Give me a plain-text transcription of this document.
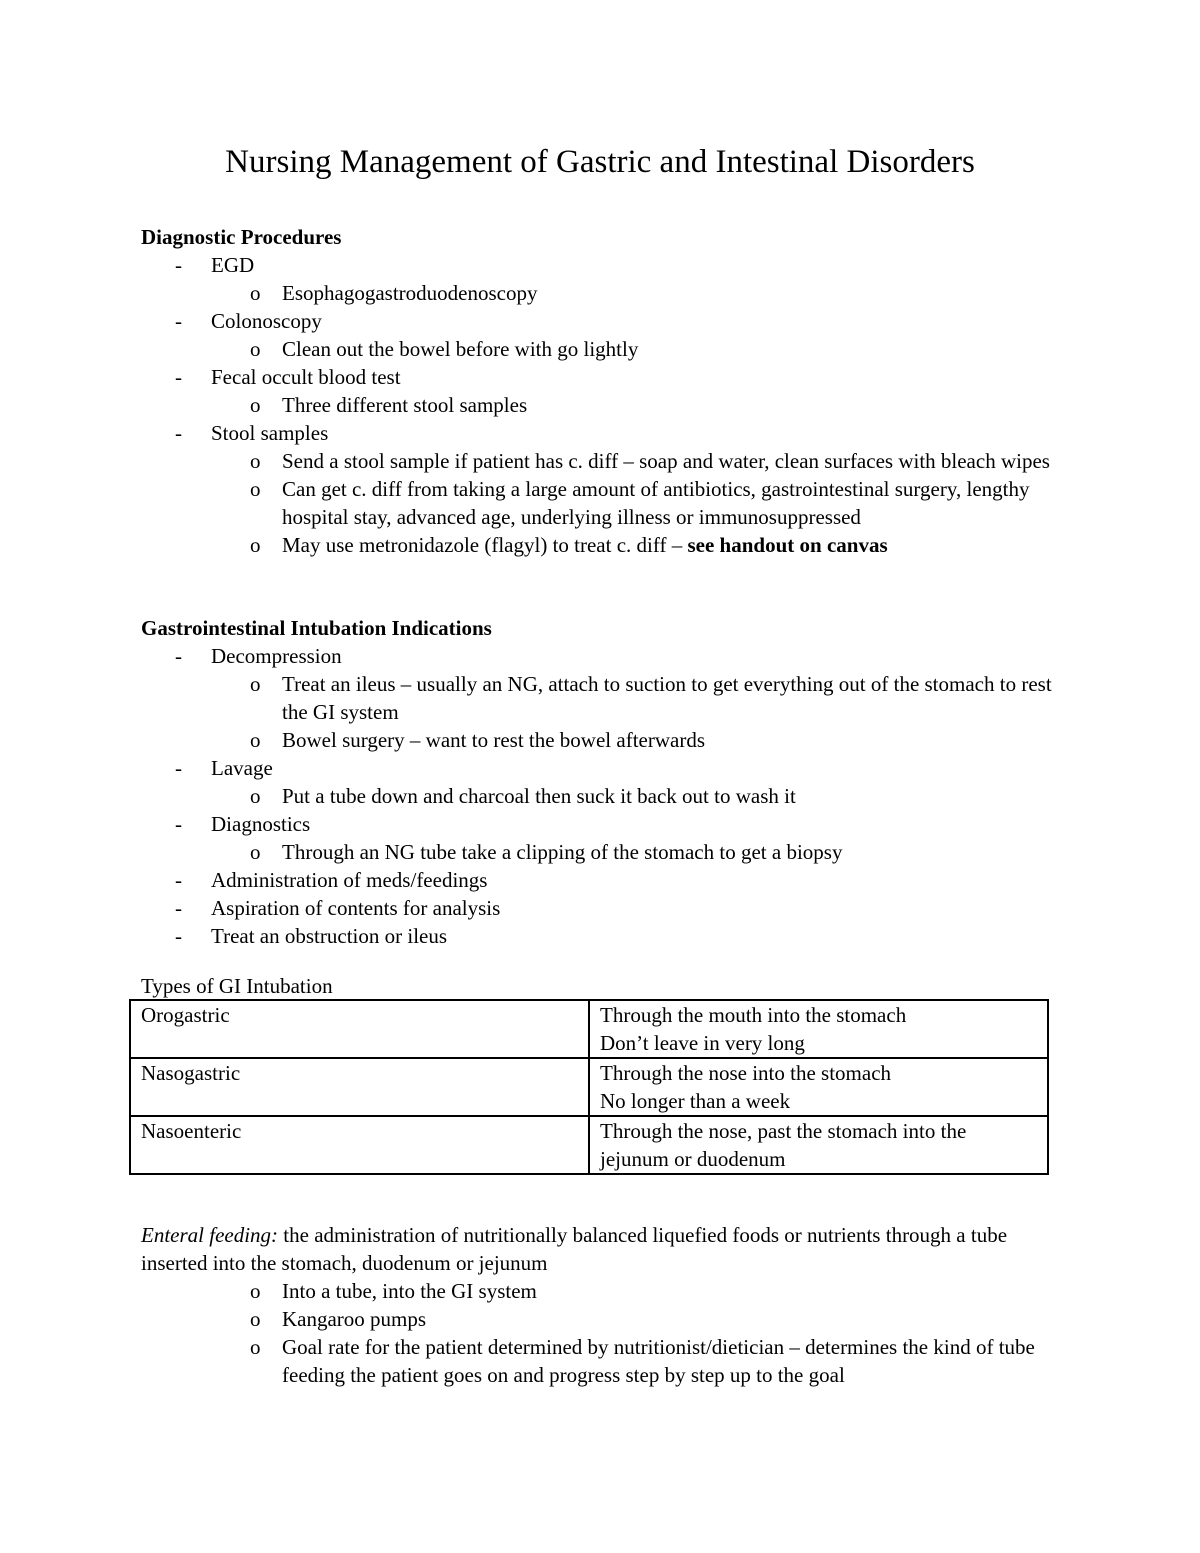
Nursing Management of Gastric and Intestinal Disorders
Diagnostic Procedures
- EGD
o Esophagogastroduodenoscopy
- Colonoscopy
o Clean out the bowel before with go lightly
- Fecal occult blood test
o Three different stool samples
- Stool samples
o Send a stool sample if patient has c. diff – soap and water, clean surfaces with bleach wipes
o Can get c. diff from taking a large amount of antibiotics, gastrointestinal surgery, lengthy hospital stay, advanced age, underlying illness or immunosuppressed
o May use metronidazole (flagyl) to treat c. diff – see handout on canvas
Gastrointestinal Intubation Indications
- Decompression
o Treat an ileus – usually an NG, attach to suction to get everything out of the stomach to rest the GI system
o Bowel surgery – want to rest the bowel afterwards
- Lavage
o Put a tube down and charcoal then suck it back out to wash it
- Diagnostics
o Through an NG tube take a clipping of the stomach to get a biopsy
- Administration of meds/feedings
- Aspiration of contents for analysis
- Treat an obstruction or ileus
Types of GI Intubation
Orogastric	Through the mouth into the stomach
Don’t leave in very long

Nasogastric	Through the nose into the stomach
No longer than a week

Nasoenteric	Through the nose, past the stomach into the jejunum or duodenum
Enteral feeding: the administration of nutritionally balanced liquefied foods or nutrients through a tube inserted into the stomach, duodenum or jejunum
o Into a tube, into the GI system
o Kangaroo pumps
o Goal rate for the patient determined by nutritionist/dietician – determines the kind of tube feeding the patient goes on and progress step by step up to the goal
